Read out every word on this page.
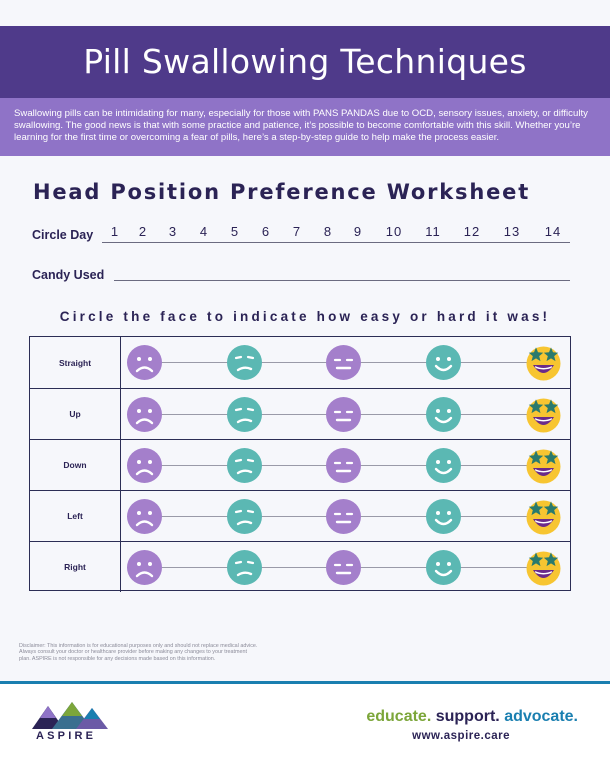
Pill Swallowing Techniques

Swallowing pills can be intimidating for many, especially for those with PANS PANDAS due to OCD, sensory issues, anxiety, or difficulty swallowing. The good news is that with some practice and patience, it’s possible to become comfortable with this skill. Whether you’re learning for the first time or overcoming a fear of pills, here’s a step-by-step guide to help make the process easier.

Head Position Preference Worksheet
Circle Day	1	2	3	4	5	6	7	8	9	10	11	12 13 14
Candy Used
Circle the face to indicate how easy or hard it was!
Straight
Up
Down
Left
Right

Disclaimer: This information is for educational purposes only and should not replace medical advice. Always consult your doctor or healthcare provider before making any changes to your treatment plan. ASPIRE is not responsible for any decisions made based on this information.

ASPIRE
educate. support. advocate.
www.aspire.care
